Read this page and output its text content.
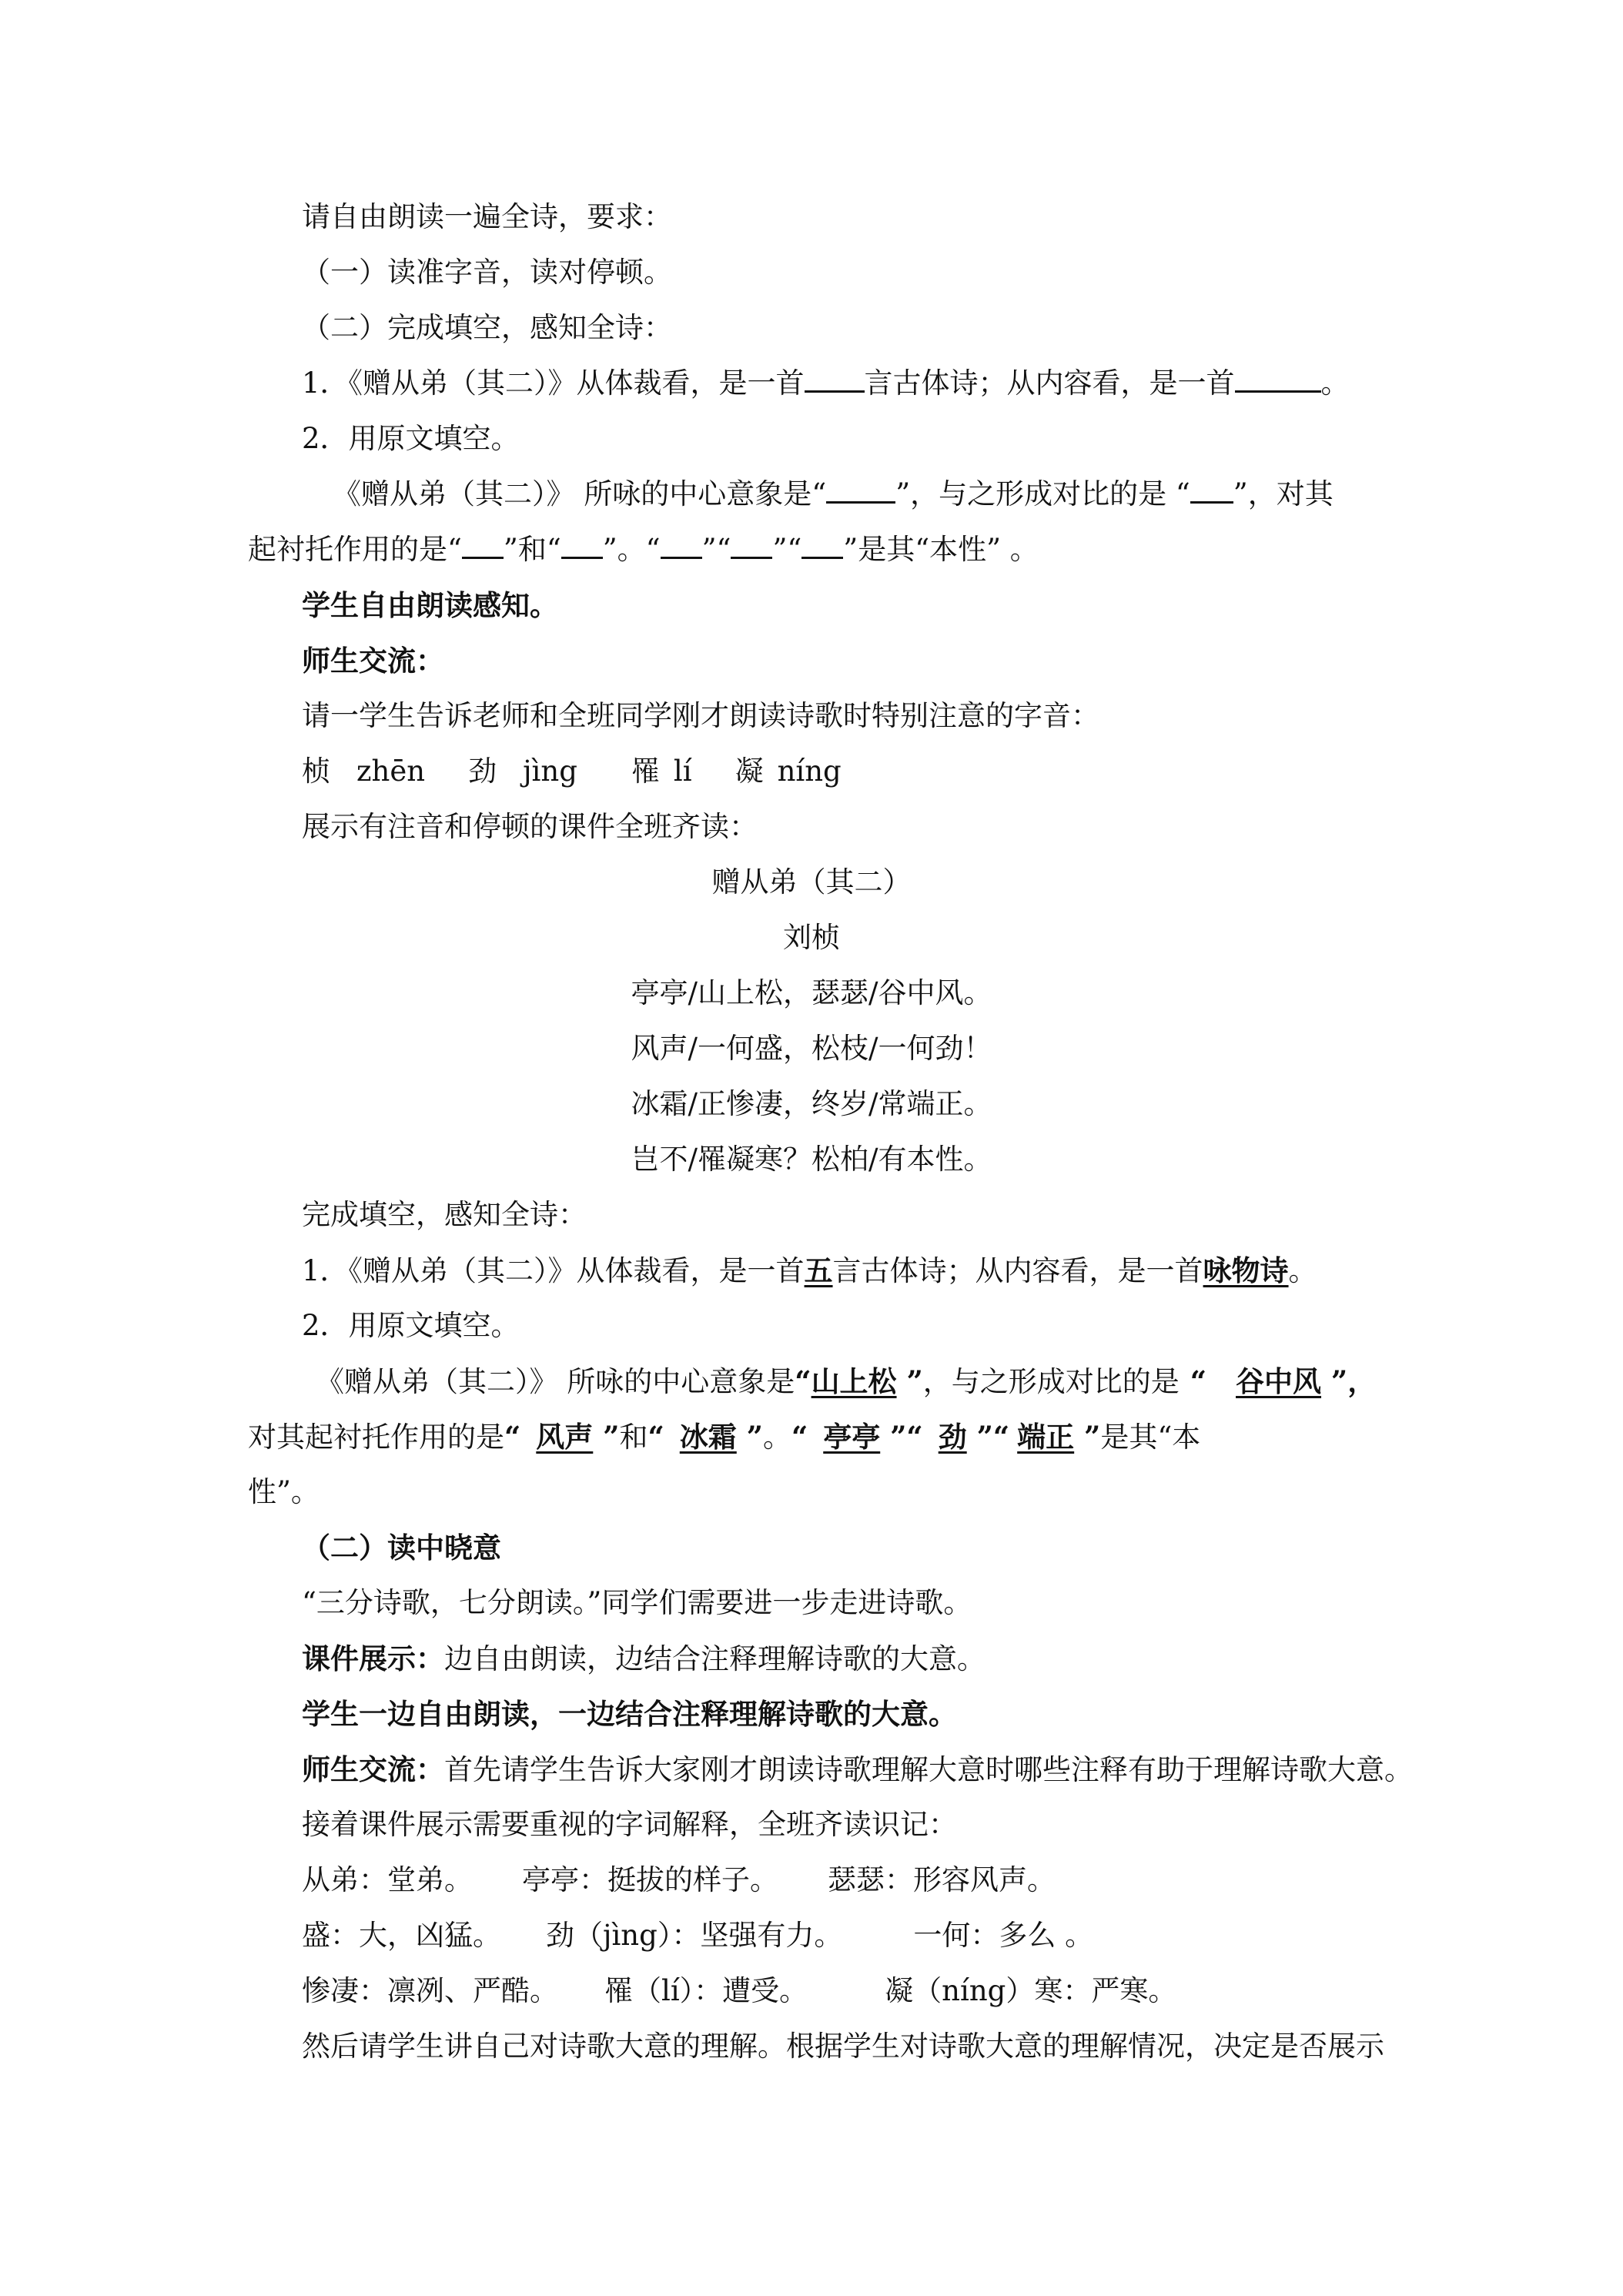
请自由朗读一遍全诗，要求：
（一）读准字音，读对停顿。
（二）完成填空，感知全诗：
1．《赠从弟（其二）》从体裁看，是一首 言古体诗；从内容看，是一首	。
2．用原文填空。
《赠从弟（其二）》 所咏的中心意象是“ ”，与之形成对比的是 “ ”，对其
起衬托作用的是“ ”和“ ”。“ ”“ ”“ ”是其“本性” 。
学生自由朗读感知。
师生交流：
请一学生告诉老师和全班同学刚才朗读诗歌时特别注意的字音：
桢 zhēn 劲 jìng 罹 lí 凝 níng
展示有注音和停顿的课件全班齐读：
赠从弟（其二）
刘桢
亭亭/山上松，瑟瑟/谷中风。
风声/一何盛，松枝/一何劲！
冰霜/正惨凄，终岁/常端正。
岂不/罹凝寒？松柏/有本性。
完成填空，感知全诗：
1．《赠从弟（其二）》从体裁看，是一首五言古体诗；从内容看，是一首咏物诗。
2．用原文填空。
《赠从弟（其二）》 所咏的中心意象是“山上松 ”，与之形成对比的是 “ 谷中风 ”，
对其起衬托作用的是“ 风声 ”和“ 冰霜 ”。“ 亭亭 ”“ 劲 ”“ 端正 ”是其“本
性”。
（二）读中晓意
“三分诗歌，七分朗读。”同学们需要进一步走进诗歌。
课件展示：边自由朗读，边结合注释理解诗歌的大意。
学生一边自由朗读，一边结合注释理解诗歌的大意。
师生交流：首先请学生告诉大家刚才朗读诗歌理解大意时哪些注释有助于理解诗歌大意。
接着课件展示需要重视的字词解释，全班齐读识记：
从弟：堂弟。 亭亭：挺拔的样子。 瑟瑟：形容风声。
盛：大，凶猛。 劲（jìng）：坚强有力。 一何：多么 。
惨凄：凛冽、严酷。 罹（lí）：遭受。	凝（níng）寒：严寒。
然后请学生讲自己对诗歌大意的理解。根据学生对诗歌大意的理解情况，决定是否展示
